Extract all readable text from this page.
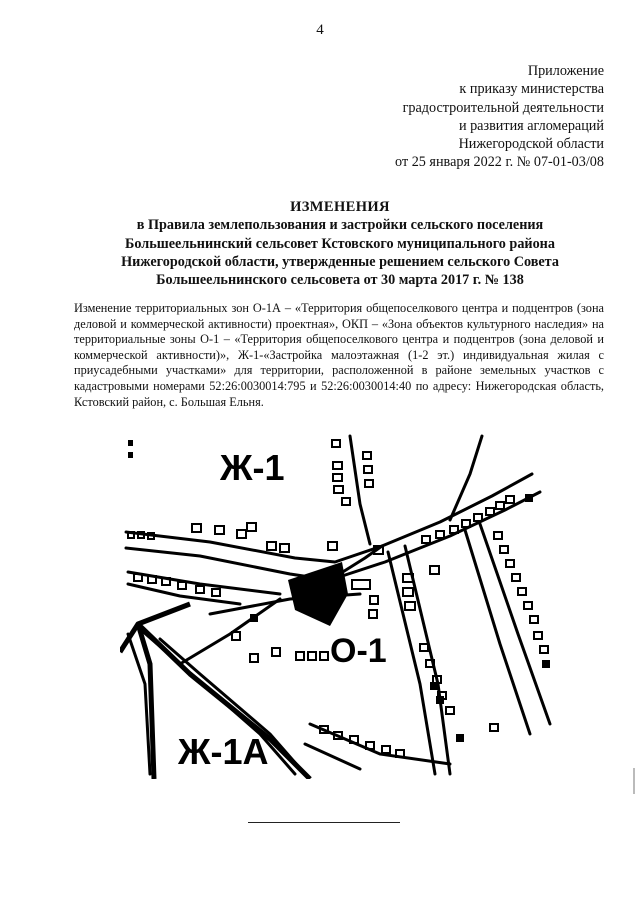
4
Приложение
к приказу министерства
градостроительной деятельности
и развития агломераций
Нижегородской области
от 25 января 2022 г. № 07-01-03/08
ИЗМЕНЕНИЯ
в Правила землепользования и застройки сельского поселения
Большеельнинский сельсовет Кстовского муниципального района
Нижегородской области, утвержденные решением сельского Совета
Большеельнинского сельсовета от 30 марта 2017 г. № 138
Изменение территориальных зон О-1А – «Территория общепоселкового центра и подцентров (зона деловой и коммерческой активности) проектная», ОКП – «Зона объектов культурного наследия» на территориальные зоны О-1 – «Территория общепоселкового центра и подцентров (зона деловой и коммерческой активности)», Ж-1-«Застройка малоэтажная (1-2 эт.) индивидуальная жилая с приусадебными участками» для территории, расположенной в районе земельных участков с кадастровыми номерами 52:26:0030014:795 и 52:26:0030014:40 по адресу: Нижегородская область, Кстовский район, с. Большая Ельня.
Ж-1
О-1
Ж-1А
